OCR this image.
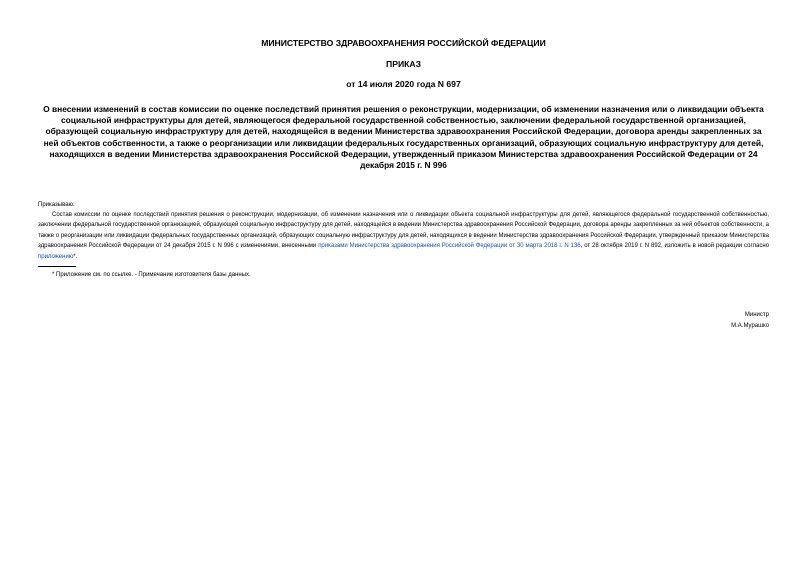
МИНИСТЕРСТВО ЗДРАВООХРАНЕНИЯ РОССИЙСКОЙ ФЕДЕРАЦИИ
ПРИКАЗ
от 14 июля 2020 года N 697
О внесении изменений в состав комиссии по оценке последствий принятия решения о реконструкции, модернизации, об изменении назначения или о ликвидации объекта социальной инфраструктуры для детей, являющегося федеральной государственной собственностью, заключении федеральной государственной организацией, образующей социальную инфраструктуру для детей, находящейся в ведении Министерства здравоохранения Российской Федерации, договора аренды закрепленных за ней объектов собственности, а также о реорганизации или ликвидации федеральных государственных организаций, образующих социальную инфраструктуру для детей, находящихся в ведении Министерства здравоохранения Российской Федерации, утвержденный приказом Министерства здравоохранения Российской Федерации от 24 декабря 2015 г. N 996
Приказываю:
Состав комиссии по оценке последствий принятия решения о реконструкции, модернизации, об изменении назначения или о ликвидации объекта социальной инфраструктуры для детей, являющегося федеральной государственной собственностью, заключении федеральной государственной организацией, образующей социальную инфраструктуру для детей, находящейся в ведении Министерства здравоохранения Российской Федерации, договора аренды закрепленных за ней объектов собственности, а также о реорганизации или ликвидации федеральных государственных организаций, образующих социальную инфраструктуру для детей, находящихся в ведении Министерства здравоохранения Российской Федерации, утвержденный приказом Министерства здравоохранения Российской Федерации от 24 декабря 2015 г. N 996 с изменениями, внесенными приказами Министерства здравоохранения Российской Федерации от 30 марта 2018 г. N 136, от 28 октября 2019 г. N 892, изложить в новой редакции согласно приложению*.
* Приложение см. по ссылке. - Примечание изготовителя базы данных.
Министр
М.А.Мурашко
